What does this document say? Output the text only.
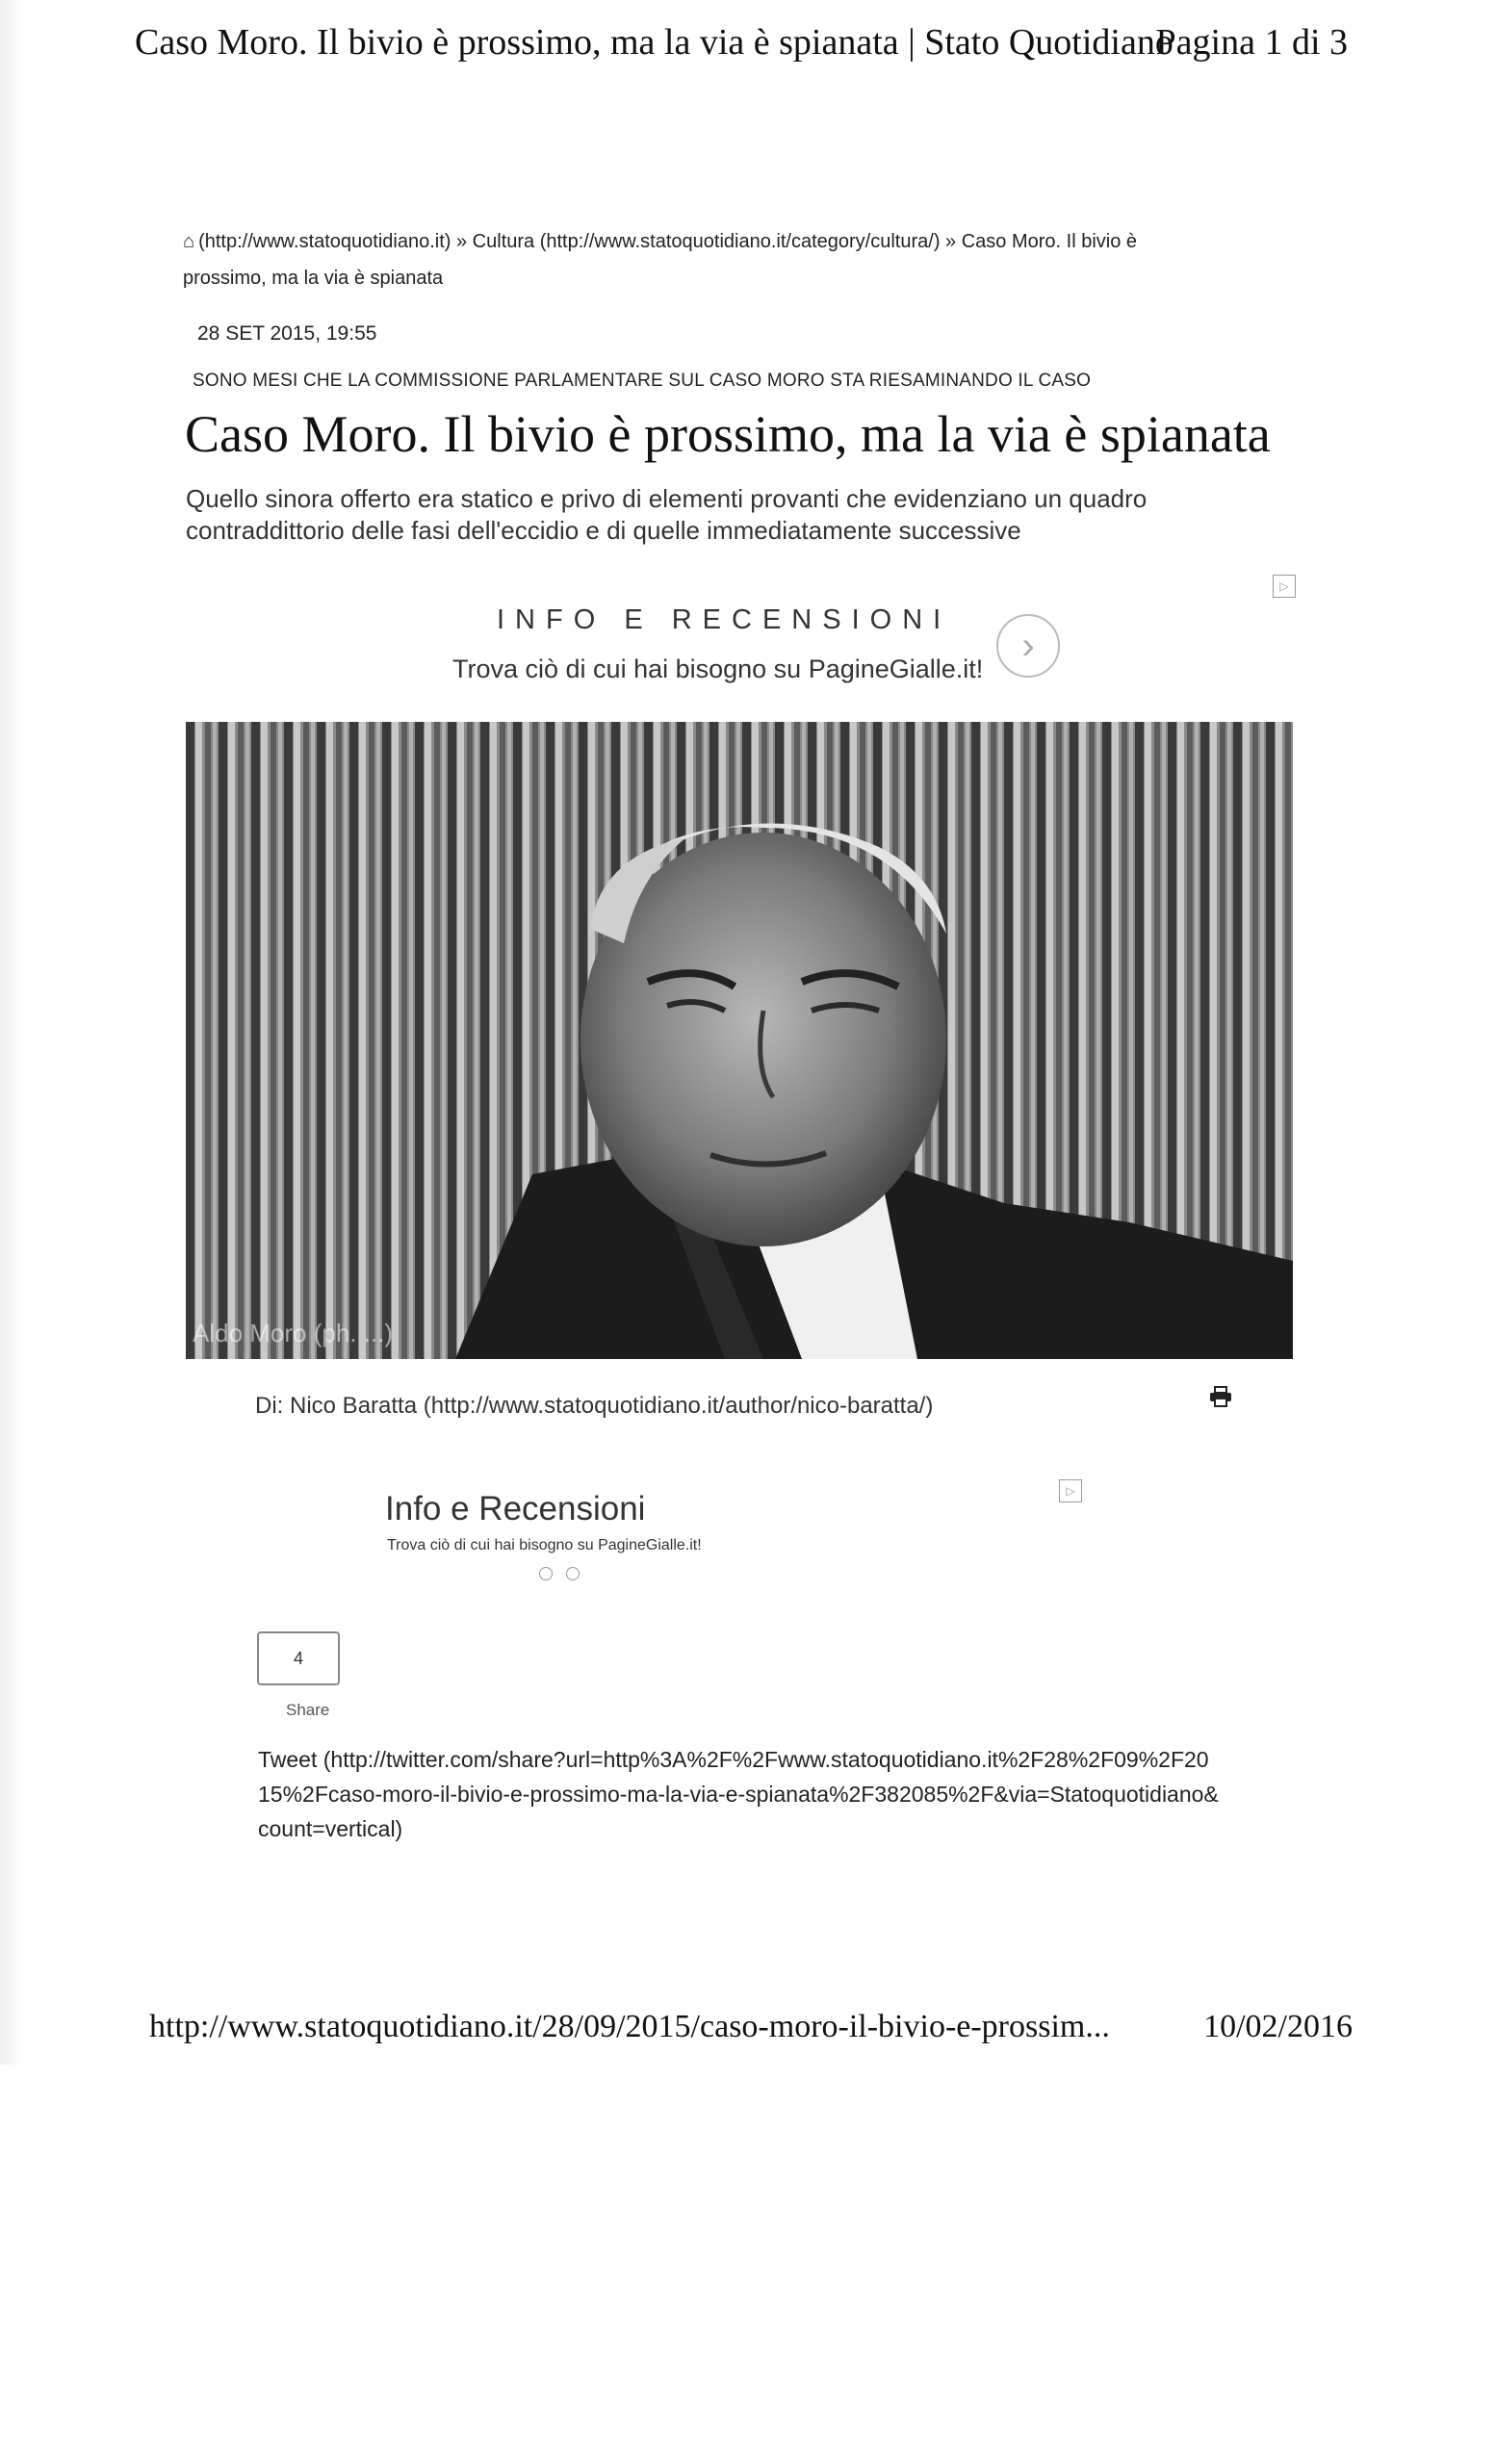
Caso Moro. Il bivio è prossimo, ma la via è spianata | Stato Quotidiano
Pagina 1 di 3
⌂ (http://www.statoquotidiano.it) » Cultura (http://www.statoquotidiano.it/category/cultura/) » Caso Moro. Il bivio è prossimo, ma la via è spianata
28 SET 2015, 19:55
SONO MESI CHE LA COMMISSIONE PARLAMENTARE SUL CASO MORO STA RIESAMINANDO IL CASO
Caso Moro. Il bivio è prossimo, ma la via è spianata
Quello sinora offerto era statico e privo di elementi provanti che evidenziano un quadro contraddittorio delle fasi dell'eccidio e di quelle immediatamente successive
▷
INFO E RECENSIONI
Trova ciò di cui hai bisogno su PagineGialle.it!
›
Aldo Moro (ph. ...)
Di: Nico Baratta (http://www.statoquotidiano.it/author/nico-baratta/)
▷
Info e Recensioni
Trova ciò di cui hai bisogno su PagineGialle.it!
4
Share
Tweet (http://twitter.com/share?url=http%3A%2F%2Fwww.statoquotidiano.it%2F28%2F09%2F2015%2Fcaso-moro-il-bivio-e-prossimo-ma-la-via-e-spianata%2F382085%2F&via=Statoquotidiano&count=vertical)
http://www.statoquotidiano.it/28/09/2015/caso-moro-il-bivio-e-prossim...	10/02/2016
